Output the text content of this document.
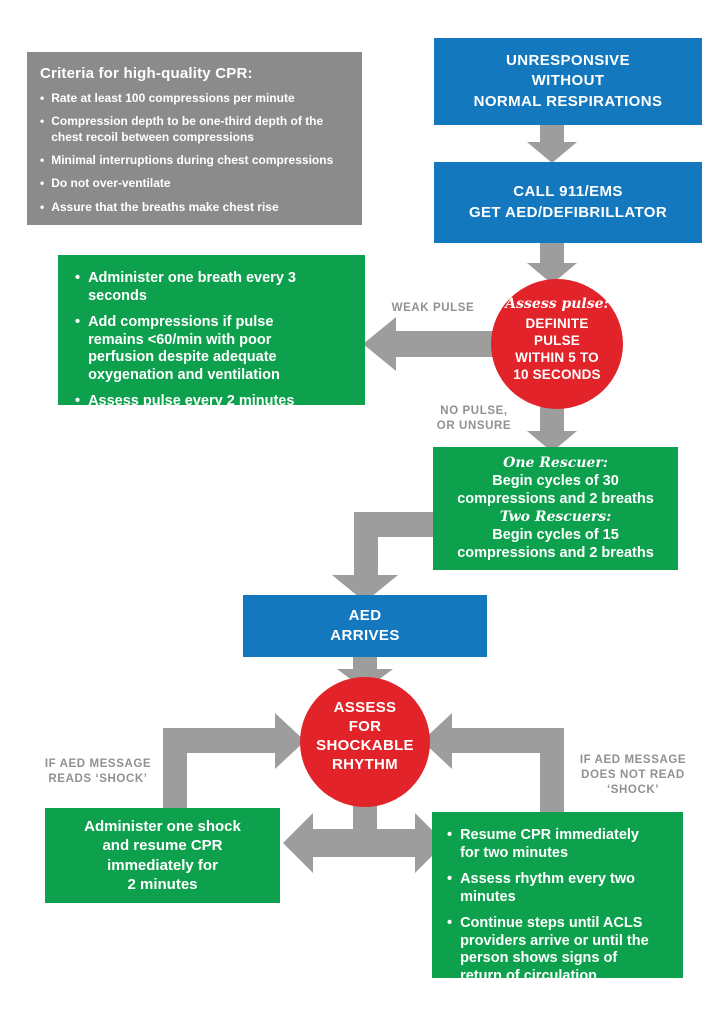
Criteria for high-quality CPR:
• Rate at least 100 compressions per minute
• Compression depth to be one-third depth of the chest recoil between compressions
• Minimal interruptions during chest compressions
• Do not over-ventilate
• Assure that the breaths make chest rise
UNRESPONSIVE
WITHOUT
NORMAL RESPIRATIONS
CALL 911/EMS
GET AED/DEFIBRILLATOR
Assess pulse:
DEFINITE
PULSE
WITHIN 5 TO
10 SECONDS
WEAK PULSE
NO PULSE,
OR UNSURE
• Administer one breath every 3 seconds
• Add compressions if pulse remains <60/min with poor perfusion despite adequate oxygenation and ventilation
• Assess pulse every 2 minutes
One Rescuer:
Begin cycles of 30
compressions and 2 breaths
Two Rescuers:
Begin cycles of 15
compressions and 2 breaths
AED
ARRIVES
ASSESS
FOR
SHOCKABLE
RHYTHM
IF AED MESSAGE
READS ‘SHOCK’
IF AED MESSAGE
DOES NOT READ
‘SHOCK’
Administer one shock
and resume CPR
immediately for
2 minutes
• Resume CPR immediately for two minutes
• Assess rhythm every two minutes
• Continue steps until ACLS providers arrive or until the person shows signs of return of circulation
